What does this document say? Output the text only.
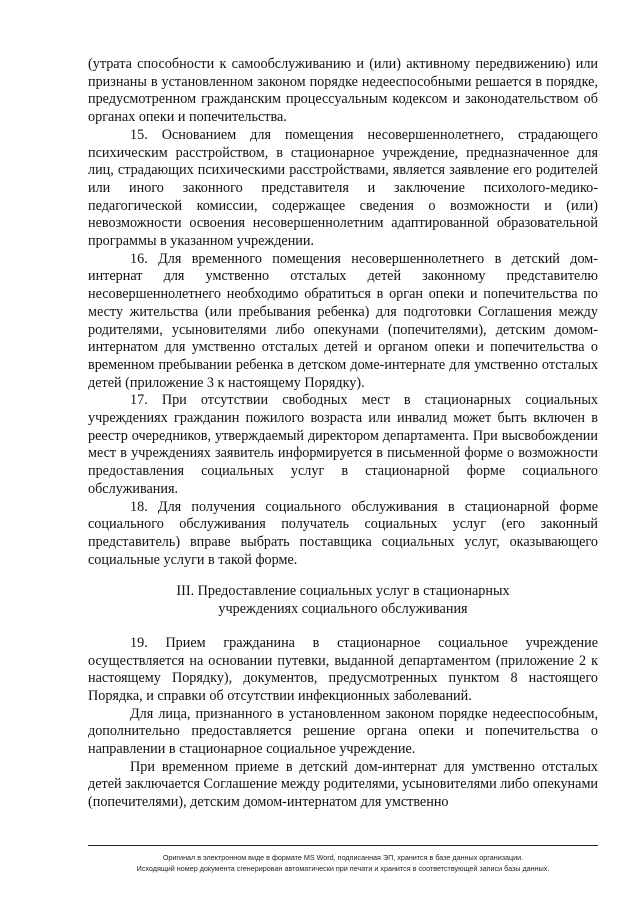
(утрата способности к самообслуживанию и (или) активному передвижению) или признаны в установленном законом порядке недееспособными решается в порядке, предусмотренном гражданским процессуальным кодексом и законодательством об органах опеки и попечительства.

15. Основанием для помещения несовершеннолетнего, страдающего психическим расстройством, в стационарное учреждение, предназначенное для лиц, страдающих психическими расстройствами, является заявление его родителей или иного законного представителя и заключение психолого-медико-педагогической комиссии, содержащее сведения о возможности и (или) невозможности освоения несовершеннолетним адаптированной образовательной программы в указанном учреждении.

16. Для временного помещения несовершеннолетнего в детский дом-интернат для умственно отсталых детей законному представителю несовершеннолетнего необходимо обратиться в орган опеки и попечительства по месту жительства (или пребывания ребенка) для подготовки Соглашения между родителями, усыновителями либо опекунами (попечителями), детским домом-интернатом для умственно отсталых детей и органом опеки и попечительства о временном пребывании ребенка в детском доме-интернате для умственно отсталых детей (приложение 3 к настоящему Порядку).

17. При отсутствии свободных мест в стационарных социальных учреждениях гражданин пожилого возраста или инвалид может быть включен в реестр очередников, утверждаемый директором департамента. При высвобождении мест в учреждениях заявитель информируется в письменной форме о возможности предоставления социальных услуг в стационарной форме социального обслуживания.

18. Для получения социального обслуживания в стационарной форме социального обслуживания получатель социальных услуг (его законный представитель) вправе выбрать поставщика социальных услуг, оказывающего социальные услуги в такой форме.

III. Предоставление социальных услуг в стационарных
учреждениях социального обслуживания

19. Прием гражданина в стационарное социальное учреждение осуществляется на основании путевки, выданной департаментом (приложение 2 к настоящему Порядку), документов, предусмотренных пунктом 8 настоящего Порядка, и справки об отсутствии инфекционных заболеваний.

Для лица, признанного в установленном законом порядке недееспособным, дополнительно предоставляется решение органа опеки и попечительства о направлении в стационарное социальное учреждение.

При временном приеме в детский дом-интернат для умственно отсталых детей заключается Соглашение между родителями, усыновителями либо опекунами (попечителями), детским домом-интернатом для умственно

Оригинал в электронном виде в формате MS Word, подписанная ЭП, хранится в базе данных организации.
Исходящий номер документа сгенерирован автоматически при печати и хранится в соответствующей записи базы данных.
